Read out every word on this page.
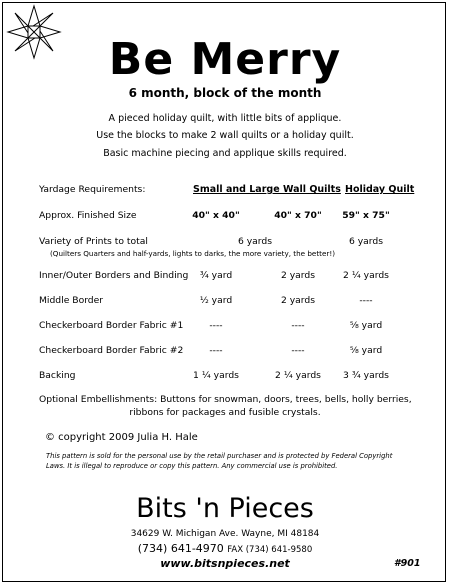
Be Merry
6 month, block of the month
A pieced holiday quilt, with little bits of applique.
Use the blocks to make 2 wall quilts or a holiday quilt.
Basic machine piecing and applique skills required.
Yardage Requirements:	Small and Large Wall Quilts Holiday Quilt
Approx. Finished Size	40" x 40"	40" x 70"	59" x 75"
Variety of Prints to total	6 yards	6 yards
(Quilters Quarters and half-yards, lights to darks, the more variety, the better!)
Inner/Outer Borders and Binding	¾ yard	2 yards	2 ¼ yards
Middle Border	½ yard	2 yards	----
Checkerboard Border Fabric #1	----	----	⅝ yard
Checkerboard Border Fabric #2	----	----	⅝ yard
Backing	1 ¼ yards	2 ¼ yards	3 ¾ yards
Optional Embellishments: Buttons for snowman, doors, trees, bells, holly berries,
ribbons for packages and fusible crystals.
© copyright 2009 Julia H. Hale
This pattern is sold for the personal use by the retail purchaser and is protected by Federal Copyright
Laws. It is illegal to reproduce or copy this pattern. Any commercial use is prohibited.
Bits 'n Pieces
34629 W. Michigan Ave. Wayne, MI 48184
(734) 641-4970 FAX (734) 641-9580
www.bitsnpieces.net	#901
